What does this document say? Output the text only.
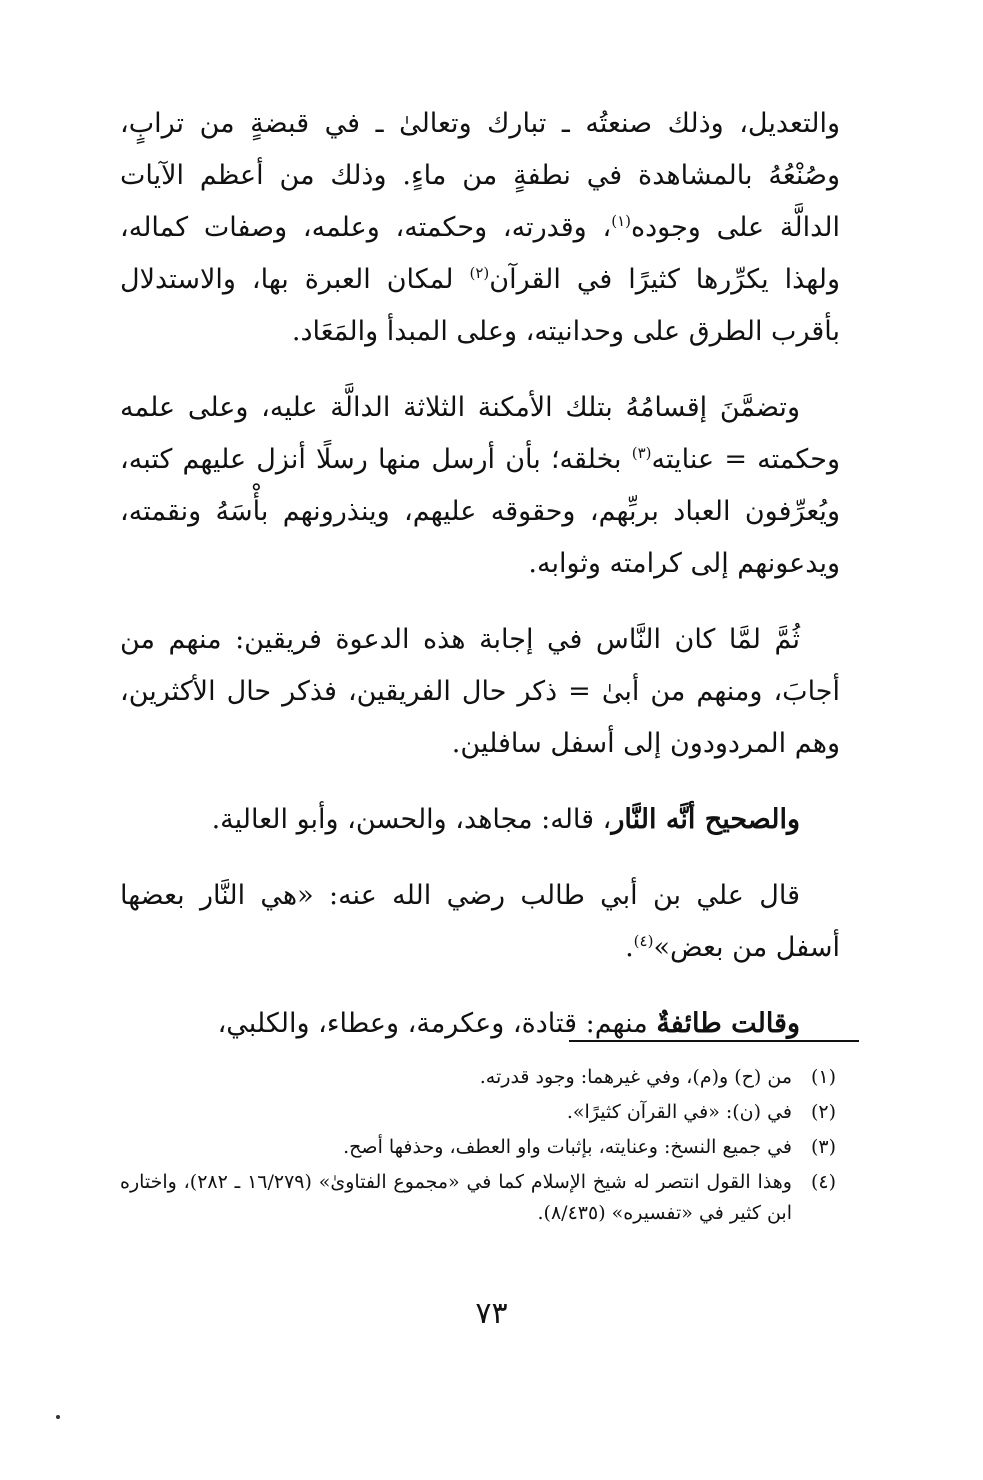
والتعديل، وذلك صنعتُه ـ تبارك وتعالىٰ ـ في قبضةٍ من ترابٍ، وصُنْعُهُ بالمشاهدة في نطفةٍ من ماءٍ. وذلك من أعظم الآيات الدالَّة على وجوده$^{(١)}$، وقدرته، وحكمته، وعلمه، وصفات كماله، ولهذا يكرِّرها كثيرًا في القرآن$^{(٢)}$ لمكان العبرة بها، والاستدلال بأقرب الطرق على وحدانيته، وعلى المبدأ والمَعَاد.

وتضمَّنَ إقسامُهُ بتلك الأمكنة الثلاثة الدالَّة عليه، وعلى علمه وحكمته = عنايته$^{(٣)}$ بخلقه؛ بأن أرسل منها رسلًا أنزل عليهم كتبه، ويُعرِّفون العباد بربِّهم، وحقوقه عليهم، وينذرونهم بأْسَهُ ونقمته، ويدعونهم إلى كرامته وثوابه.

ثُمَّ لمَّا كان النَّاس في إجابة هذه الدعوة فريقين: منهم من أجابَ، ومنهم من أبىٰ = ذكر حال الفريقين، فذكر حال الأكثرين، وهم المردودون إلى أسفل سافلين.

والصحيح أنَّه النَّار، قاله: مجاهد، والحسن، وأبو العالية.

قال علي بن أبي طالب رضي الله عنه: «هي النَّار بعضها أسفل من بعض»$^{(٤)}$.

وقالت طائفةٌ منهم: قتادة، وعكرمة، وعطاء، والكلبي،

(١)
من (ح) و(م)، وفي غيرهما: وجود قدرته.
(٢)
في (ن): «في القرآن كثيرًا».
(٣)
في جميع النسخ: وعنايته، بإثبات واو العطف، وحذفها أصح.
(٤)
وهذا القول انتصر له شيخ الإسلام كما في «مجموع الفتاوىٰ» (١٦/٢٧٩ ـ ٢٨٢)، واختاره ابن كثير في «تفسيره» (٨/٤٣٥).
٧٣
